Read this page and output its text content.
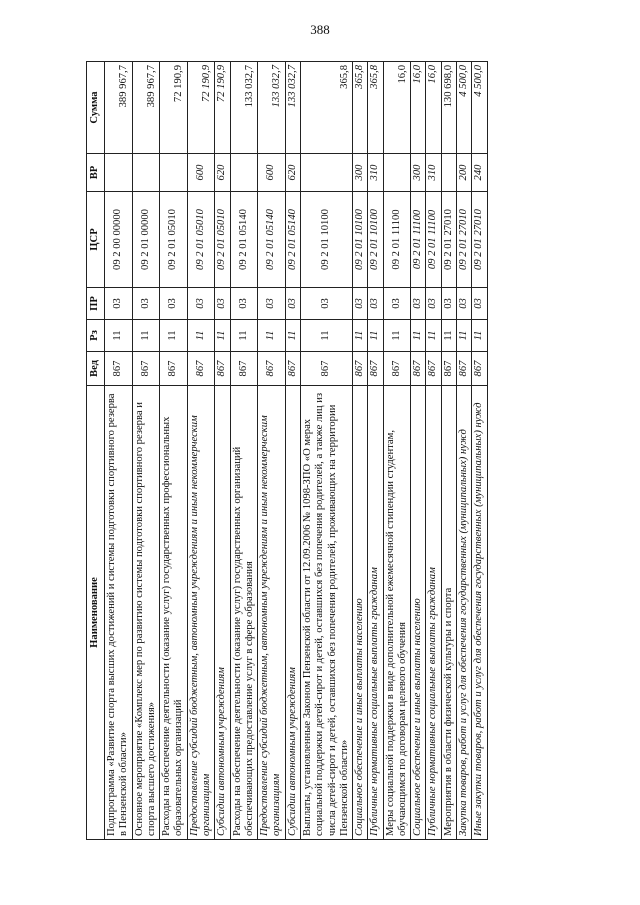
388
Наименование	Вед	Рз	ПР	ЦСР	ВР	Сумма
Подпрограмма «Развитие спорта высших достижений и системы подготовки спортивного резерва в Пензенской области»	867	11	03	09 2 00 00000		389 967,7
Основное мероприятие «Комплекс мер по развитию системы подготовки спортивного резерва и спорта высшего достижения»	867	11	03	09 2 01 00000		389 967,7
Расходы на обеспечение деятельности (оказание услуг) государственных профессиональных образовательных организаций	867	11	03	09 2 01 05010		72 190,9
Предоставление субсидий бюджетным, автономным учреждениям и иным некоммерческим организациям	867	11	03	09 2 01 05010	600	72 190,9
Субсидии автономным учреждениям	867	11	03	09 2 01 05010	620	72 190,9
Расходы на обеспечение деятельности (оказание услуг) государственных организаций обеспечивающих предоставление услуг в сфере образования	867	11	03	09 2 01 05140		133 032,7
Предоставление субсидий бюджетным, автономным учреждениям и иным некоммерческим организациям	867	11	03	09 2 01 05140	600	133 032,7
Субсидии автономным учреждениям	867	11	03	09 2 01 05140	620	133 032,7
Выплаты, установленные Законом Пензенской области от 12.09.2006 № 1098-ЗПО «О мерах социальной поддержки детей-сирот и детей, оставшихся без попечения родителей, а также лиц из числа детей-сирот и детей, оставшихся без попечения родителей, проживающих на территории Пензенской области»	867	11	03	09 2 01 10100		365,8
Социальное обеспечение и иные выплаты населению	867	11	03	09 2 01 10100	300	365,8
Публичные нормативные социальные выплаты гражданам	867	11	03	09 2 01 10100	310	365,8
Меры социальной поддержки в виде дополнительной ежемесячной стипендии студентам, обучающимся по договорам целевого обучения	867	11	03	09 2 01 11100		16,0
Социальное обеспечение и иные выплаты населению	867	11	03	09 2 01 11100	300	16,0
Публичные нормативные социальные выплаты гражданам	867	11	03	09 2 01 11100	310	16,0
Мероприятия в области физической культуры и спорта	867	11	03	09 2 01 27010		130 698,0
Закупка товаров, работ и услуг для обеспечения государственных (муниципальных) нужд	867	11	03	09 2 01 27010	200	4 500,0
Иные закупки товаров, работ и услуг для обеспечения государственных (муниципальных) нужд	867	11	03	09 2 01 27010	240	4 500,0
